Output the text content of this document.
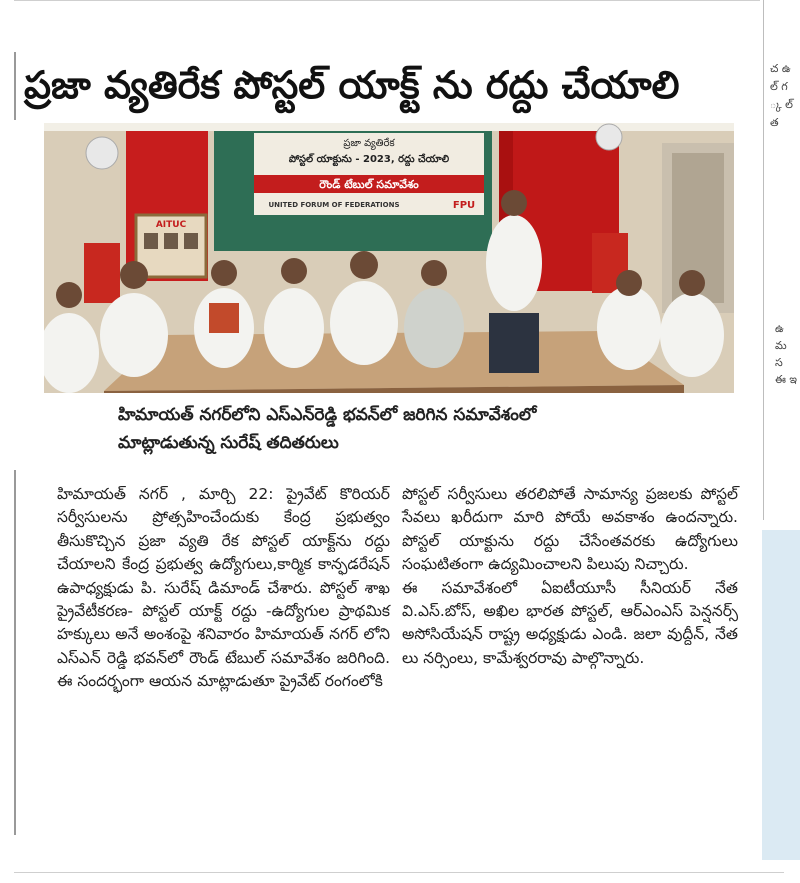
చ ఉ ల్ గ ్క ల్ త
ఉ మ స ఈ ఇ
ప్రజా వ్యతిరేక పోస్టల్ యాక్ట్ ను రద్దు చేయాలి
ప్రజా వ్యతిరేక
పోస్టల్ యాక్టును - 2023, రద్దు చేయాలి
రౌండ్ టేబుల్ సమావేశం
UNITED FORUM OF FEDERATIONS	FPU
AITUC
హిమాయత్ నగర్‌లోని ఎస్ఎన్‌రెడ్డి భవన్‌లో జరిగిన సమావేశంలో
మాట్లాడుతున్న సురేష్ తదితరులు

హిమాయత్ నగర్ , మార్చి 22: ప్రైవేట్ కొరియర్ సర్వీసులను ప్రోత్సహించేందుకు కేంద్ర ప్రభుత్వం తీసుకొచ్చిన ప్రజా వ్యతి రేక పోస్టల్ యాక్ట్‌ను రద్దు చేయాలని కేంద్ర ప్రభుత్వ ఉద్యోగులు,కార్మిక కాన్ఫడరేషన్ ఉపాధ్యక్షుడు పి. సురేష్ డిమాండ్ చేశారు. పోస్టల్ శాఖ ప్రైవేటీకరణ- పోస్టల్ యాక్ట్ రద్దు -ఉద్యోగుల ప్రాథమిక హక్కులు అనే అంశంపై శనివారం హిమాయత్ నగర్ లోని ఎస్ఎన్ రెడ్డి భవన్‌లో రౌండ్ టేబుల్ సమావేశం జరిగింది. ఈ సందర్భంగా ఆయన మాట్లాడుతూ ప్రైవేట్ రంగంలోకి

పోస్టల్ సర్వీసులు తరలిపోతే సామాన్య ప్రజలకు పోస్టల్ సేవలు ఖరీదుగా మారి పోయే అవకాశం ఉందన్నారు. పోస్టల్ యాక్టును రద్దు చేసేంతవరకు ఉద్యోగులు సంఘటితంగా ఉద్యమించాలని పిలుపు నిచ్చారు.

ఈ సమావేశంలో ఏఐటీయూసీ సీనియర్ నేత వి.ఎస్.బోస్, అఖిల భారత పోస్టల్, ఆర్ఎంఎస్ పెన్షనర్స్ అసోసియేషన్ రాష్ట్ర అధ్యక్షుడు ఎండి. జలా వుద్దీన్, నేత లు నర్సింలు, కామేశ్వరరావు పాల్గొన్నారు.
